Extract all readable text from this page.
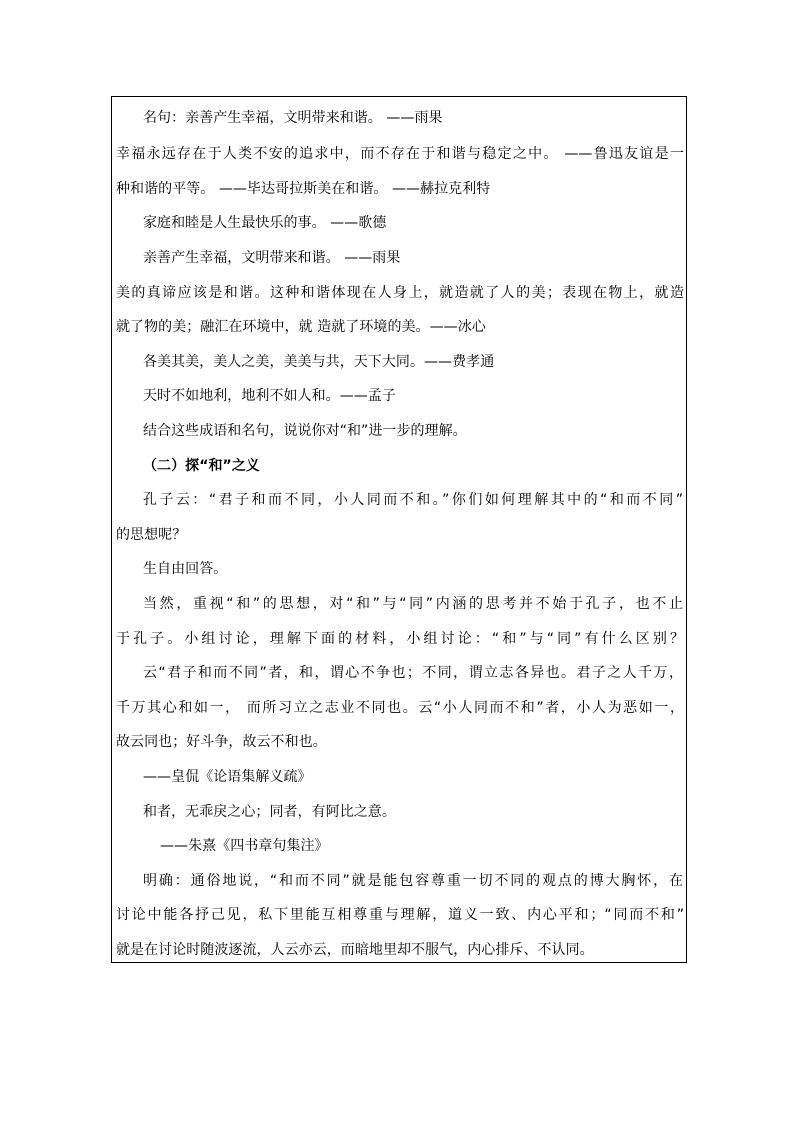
名句：亲善产生幸福，文明带来和谐。 ——雨果
幸福永远存在于人类不安的追求中，而不存在于和谐与稳定之中。 ——鲁迅友谊是一
种和谐的平等。 ——毕达哥拉斯美在和谐。 ——赫拉克利特
家庭和睦是人生最快乐的事。 ——歌德
亲善产生幸福，文明带来和谐。 ——雨果
美的真谛应该是和谐。这种和谐体现在人身上，就造就了人的美；表现在物上，就造
就了物的美；融汇在环境中，就 造就了环境的美。——冰心
各美其美，美人之美，美美与共，天下大同。——费孝通
天时不如地利，地利不如人和。——孟子
结合这些成语和名句，说说你对“和”进一步的理解。
（二）探“和”之义
孔子云：“君子和而不同，小人同而不和。”你们如何理解其中的“和而不同”
的思想呢？
生自由回答。
当然，重视“和”的思想，对“和”与“同”内涵的思考并不始于孔子，也不止
于孔子。小组讨论，理解下面的材料，小组讨论：“和”与“同”有什么区别？
云“君子和而不同”者，和，谓心不争也；不同，谓立志各异也。君子之人千万，
千万其心和如一， 而所习立之志业不同也。云“小人同而不和”者，小人为恶如一，
故云同也；好斗争，故云不和也。
——皇侃《论语集解义疏》
和者，无乖戾之心；同者，有阿比之意。
——朱熹《四书章句集注》
明确：通俗地说，“和而不同”就是能包容尊重一切不同的观点的博大胸怀，在
讨论中能各抒己见，私下里能互相尊重与理解，道义一致、内心平和；“同而不和”
就是在讨论时随波逐流，人云亦云，而暗地里却不服气，内心排斥、不认同。
